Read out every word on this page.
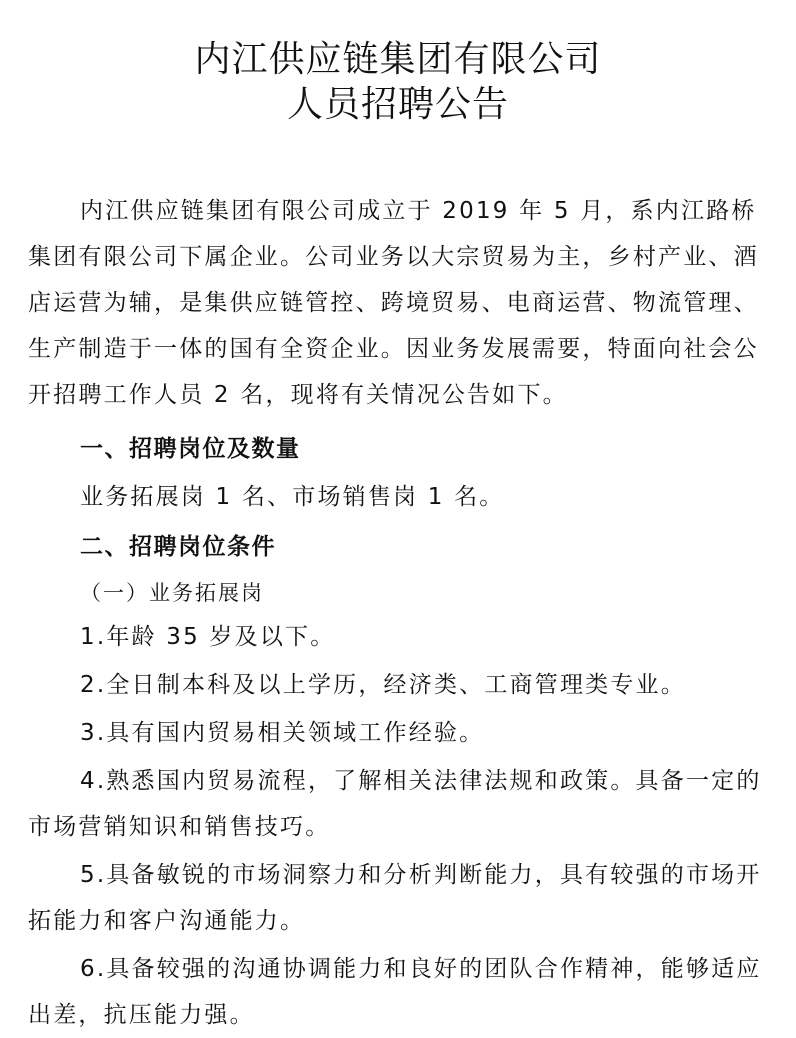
内江供应链集团有限公司
人员招聘公告

内江供应链集团有限公司成立于 2019 年 5 月，系内江路桥集团有限公司下属企业。公司业务以大宗贸易为主，乡村产业、酒店运营为辅，是集供应链管控、跨境贸易、电商运营、物流管理、生产制造于一体的国有全资企业。因业务发展需要，特面向社会公开招聘工作人员 2 名，现将有关情况公告如下。

一、招聘岗位及数量

业务拓展岗 1 名、市场销售岗 1 名。

二、招聘岗位条件

（一）业务拓展岗

1.年龄 35 岁及以下。

2.全日制本科及以上学历，经济类、工商管理类专业。

3.具有国内贸易相关领域工作经验。

4.熟悉国内贸易流程，了解相关法律法规和政策。具备一定的市场营销知识和销售技巧。

5.具备敏锐的市场洞察力和分析判断能力，具有较强的市场开拓能力和客户沟通能力。

6.具备较强的沟通协调能力和良好的团队合作精神，能够适应出差，抗压能力强。
